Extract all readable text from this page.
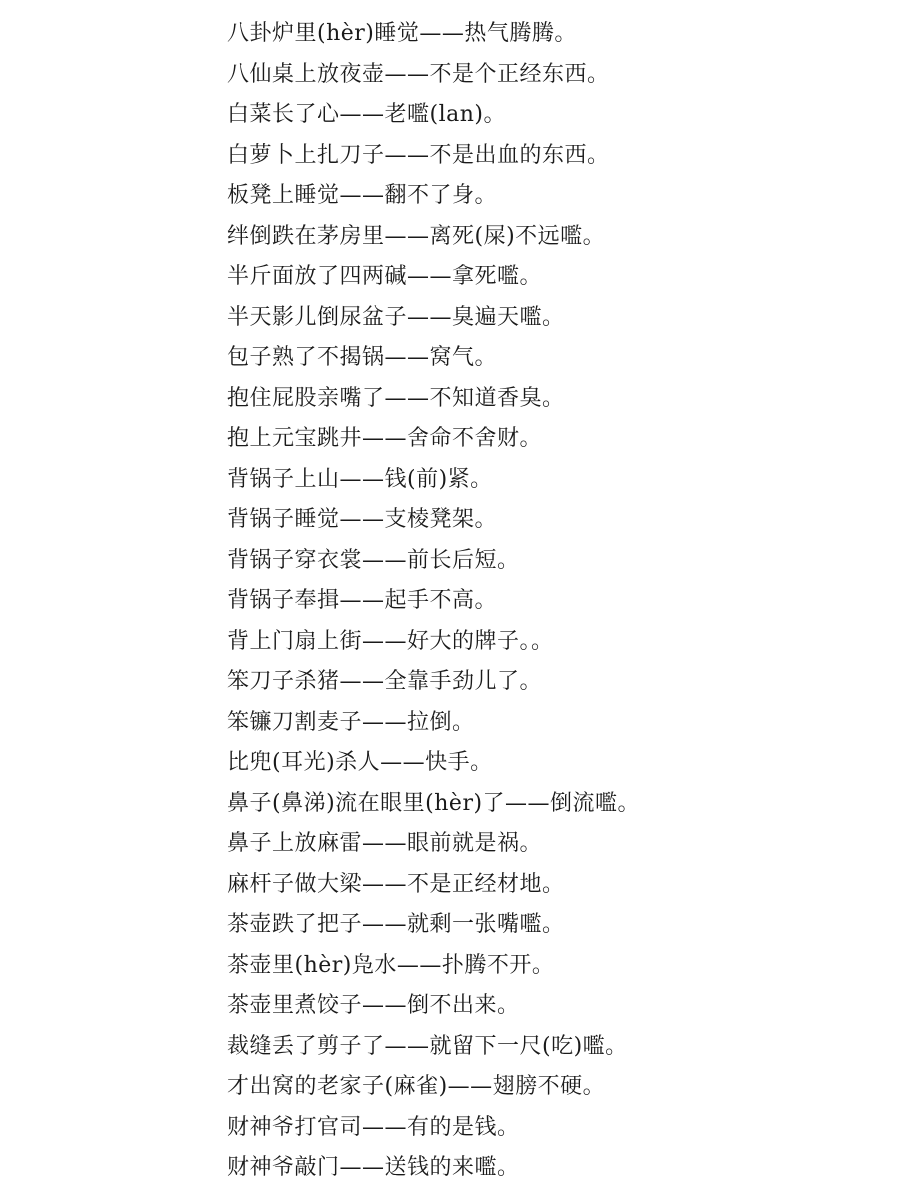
八卦炉里(hèr)睡觉——热气腾腾。
八仙桌上放夜壶——不是个正经东西。
白菜长了心——老嚂(lan)。
白萝卜上扎刀子——不是出血的东西。
板凳上睡觉——翻不了身。
绊倒跌在茅房里——离死(屎)不远嚂。
半斤面放了四两碱——拿死嚂。
半天影儿倒尿盆子——臭遍天嚂。
包子熟了不揭锅——窝气。
抱住屁股亲嘴了——不知道香臭。
抱上元宝跳井——舍命不舍财。
背锅子上山——钱(前)紧。
背锅子睡觉——支棱凳架。
背锅子穿衣裳——前长后短。
背锅子奉揖——起手不高。
背上门扇上街——好大的牌子。。
笨刀子杀猪——全靠手劲儿了。
笨镰刀割麦子——拉倒。
比兜(耳光)杀人——快手。
鼻子(鼻涕)流在眼里(hèr)了——倒流嚂。
鼻子上放麻雷——眼前就是祸。
麻杆子做大梁——不是正经材地。
茶壶跌了把子——就剩一张嘴嚂。
茶壶里(hèr)凫水——扑腾不开。
茶壶里煮饺子——倒不出来。
裁缝丢了剪子了——就留下一尺(吃)嚂。
才出窝的老家子(麻雀)——翅膀不硬。
财神爷打官司——有的是钱。
财神爷敲门——送钱的来嚂。
